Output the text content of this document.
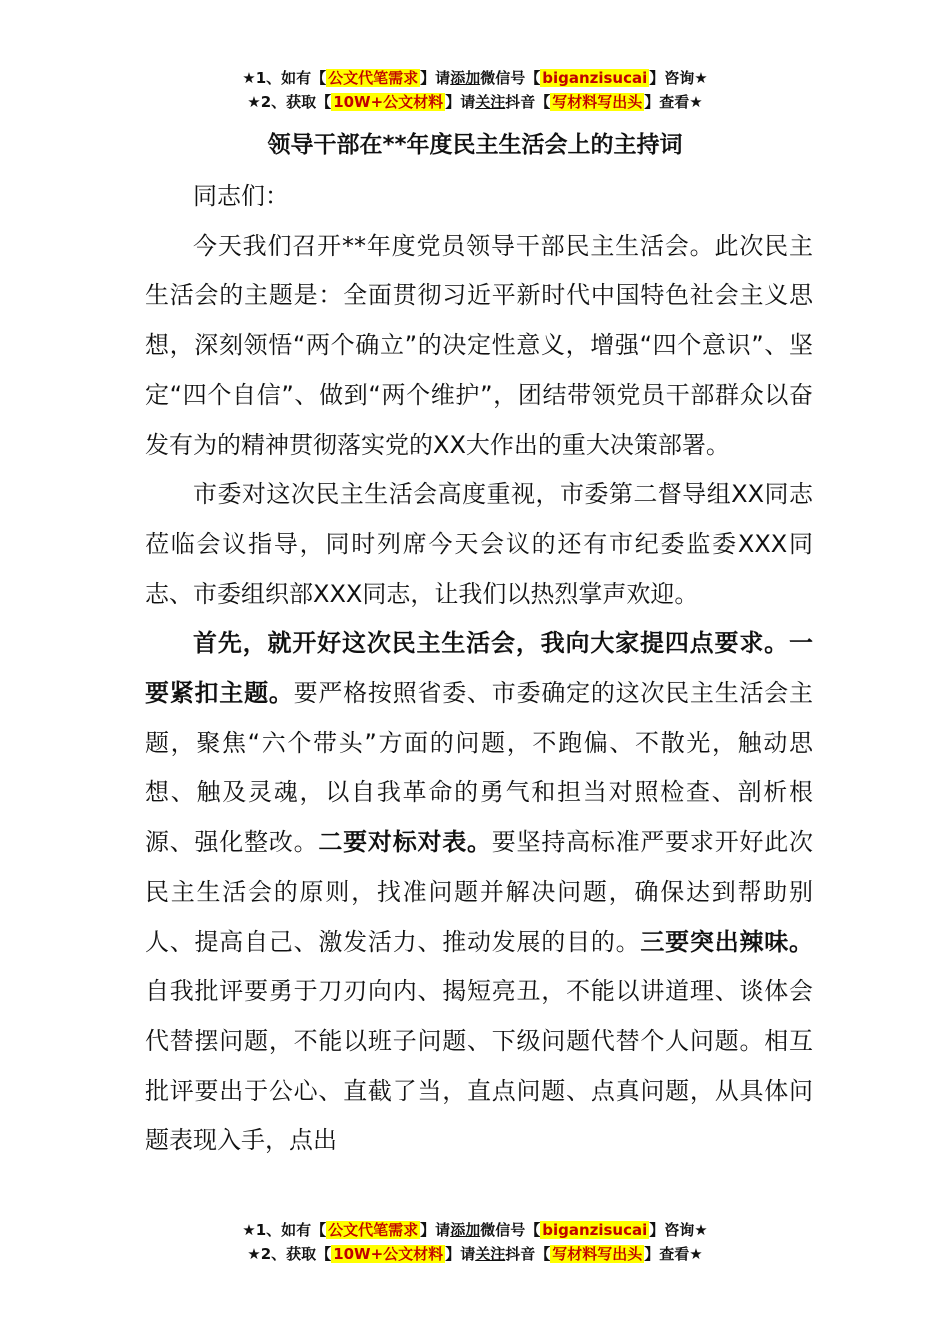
★1、如有【 公文代笔需求 】请添加微信号【 biganzisucai 】咨询★
★2、获取【 10W+公文材料 】请关注抖音【 写材料写出头 】查看★
领导干部在**年度民主生活会上的主持词

同志们：

今天我们召开**年度党员领导干部民主生活会。此次民主生活会的主题是：全面贯彻习近平新时代中国特色社会主义思想，深刻领悟“两个确立”的决定性意义，增强“四个意识”、坚定“四个自信”、做到“两个维护”，团结带领党员干部群众以奋发有为的精神贯彻落实党的XX大作出的重大决策部署。

市委对这次民主生活会高度重视，市委第二督导组XX同志莅临会议指导，同时列席今天会议的还有市纪委监委XXX同志、市委组织部XXX同志，让我们以热烈掌声欢迎。

首先，就开好这次民主生活会，我向大家提四点要求。一要紧扣主题。要严格按照省委、市委确定的这次民主生活会主题，聚焦“六个带头”方面的问题，不跑偏、不散光，触动思想、触及灵魂，以自我革命的勇气和担当对照检查、剖析根源、强化整改。二要对标对表。要坚持高标准严要求开好此次民主生活会的原则，找准问题并解决问题，确保达到帮助别人、提高自己、激发活力、推动发展的目的。三要突出辣味。自我批评要勇于刀刃向内、揭短亮丑，不能以讲道理、谈体会代替摆问题，不能以班子问题、下级问题代替个人问题。相互批评要出于公心、直截了当，直点问题、点真问题，从具体问题表现入手，点出

★1、如有【 公文代笔需求 】请添加微信号【 biganzisucai 】咨询★
★2、获取【 10W+公文材料 】请关注抖音【 写材料写出头 】查看★
